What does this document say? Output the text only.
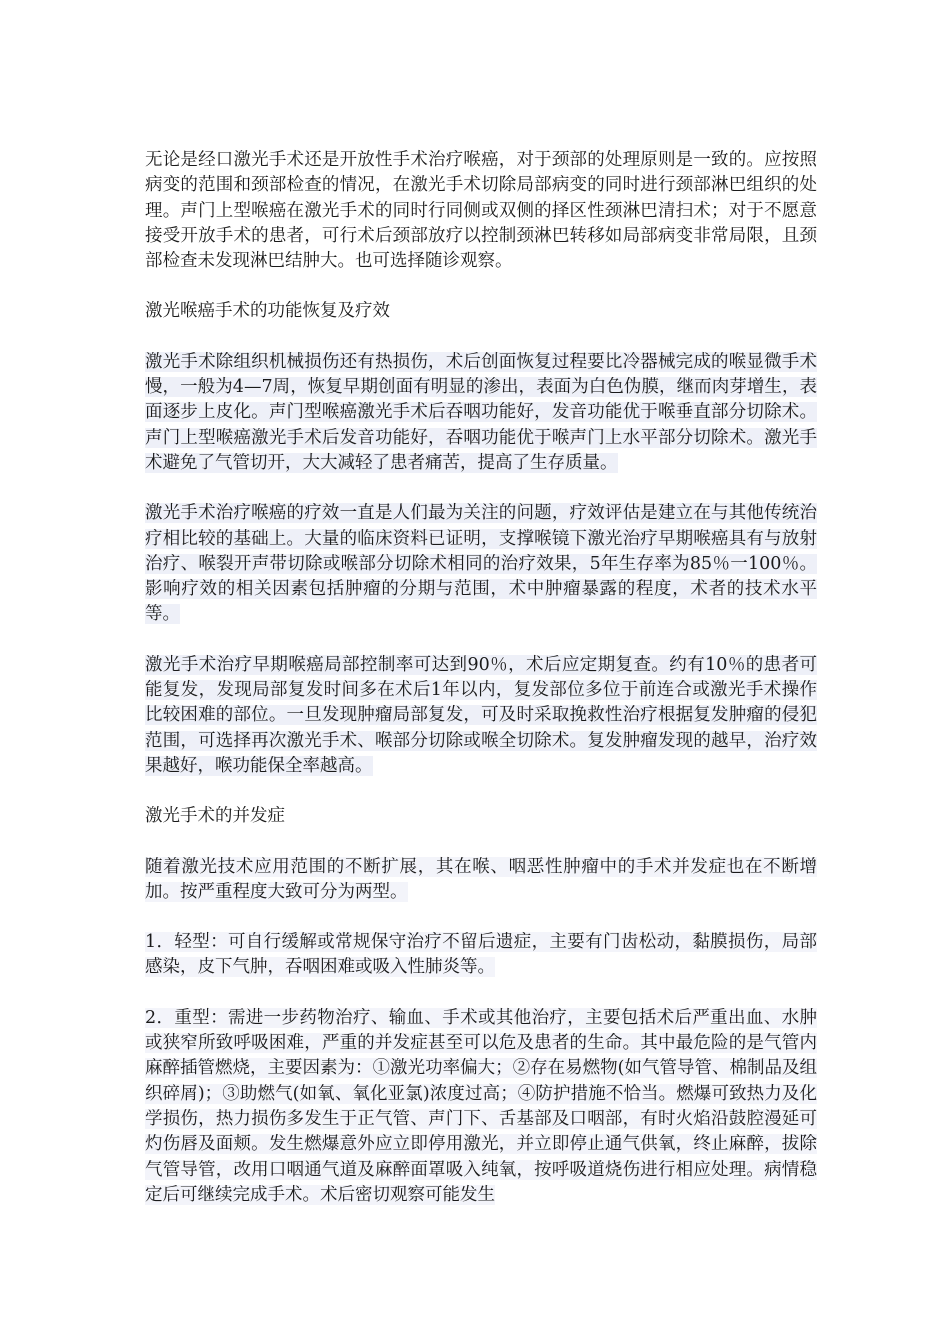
无论是经口激光手术还是开放性手术治疗喉癌，对于颈部的处理原则是一致的。应按照病变的范围和颈部检查的情况，在激光手术切除局部病变的同时进行颈部淋巴组织的处理。声门上型喉癌在激光手术的同时行同侧或双侧的择区性颈淋巴清扫术；对于不愿意接受开放手术的患者，可行术后颈部放疗以控制颈淋巴转移如局部病变非常局限，且颈部检查未发现淋巴结肿大。也可选择随诊观察。

激光喉癌手术的功能恢复及疗效

激光手术除组织机械损伤还有热损伤，术后创面恢复过程要比冷器械完成的喉显微手术慢，一般为4—7周，恢复早期创面有明显的渗出，表面为白色伪膜，继而肉芽增生，表面逐步上皮化。声门型喉癌激光手术后吞咽功能好，发音功能优于喉垂直部分切除术。声门上型喉癌激光手术后发音功能好，吞咽功能优于喉声门上水平部分切除术。激光手术避免了气管切开，大大减轻了患者痛苦，提高了生存质量。

激光手术治疗喉癌的疗效一直是人们最为关注的问题，疗效评估是建立在与其他传统治疗相比较的基础上。大量的临床资料已证明，支撑喉镜下激光治疗早期喉癌具有与放射治疗、喉裂开声带切除或喉部分切除术相同的治疗效果，5年生存率为85％一100％。影响疗效的相关因素包括肿瘤的分期与范围，术中肿瘤暴露的程度，术者的技术水平等。

激光手术治疗早期喉癌局部控制率可达到90％，术后应定期复查。约有10％的患者可能复发，发现局部复发时间多在术后1年以内，复发部位多位于前连合或激光手术操作比较困难的部位。一旦发现肿瘤局部复发，可及时采取挽救性治疗根据复发肿瘤的侵犯范围，可选择再次激光手术、喉部分切除或喉全切除术。复发肿瘤发现的越早，治疗效果越好，喉功能保全率越高。

激光手术的并发症

随着激光技术应用范围的不断扩展，其在喉、咽恶性肿瘤中的手术并发症也在不断增加。按严重程度大致可分为两型。

1．轻型：可自行缓解或常规保守治疗不留后遗症，主要有门齿松动，黏膜损伤，局部感染，皮下气肿，吞咽困难或吸入性肺炎等。

2．重型：需进一步药物治疗、输血、手术或其他治疗，主要包括术后严重出血、水肿或狭窄所致呼吸困难，严重的并发症甚至可以危及患者的生命。其中最危险的是气管内麻醉插管燃烧，主要因素为：①激光功率偏大；②存在易燃物(如气管导管、棉制品及组织碎屑)；③助燃气(如氧、氧化亚氯)浓度过高；④防护措施不恰当。燃爆可致热力及化学损伤，热力损伤多发生于正气管、声门下、舌基部及口咽部，有时火焰沿鼓腔漫延可灼伤唇及面颊。发生燃爆意外应立即停用激光，并立即停止通气供氧，终止麻醉，拔除气管导管，改用口咽通气道及麻醉面罩吸入纯氧，按呼吸道烧伤进行相应处理。病情稳定后可继续完成手术。术后密切观察可能发生
